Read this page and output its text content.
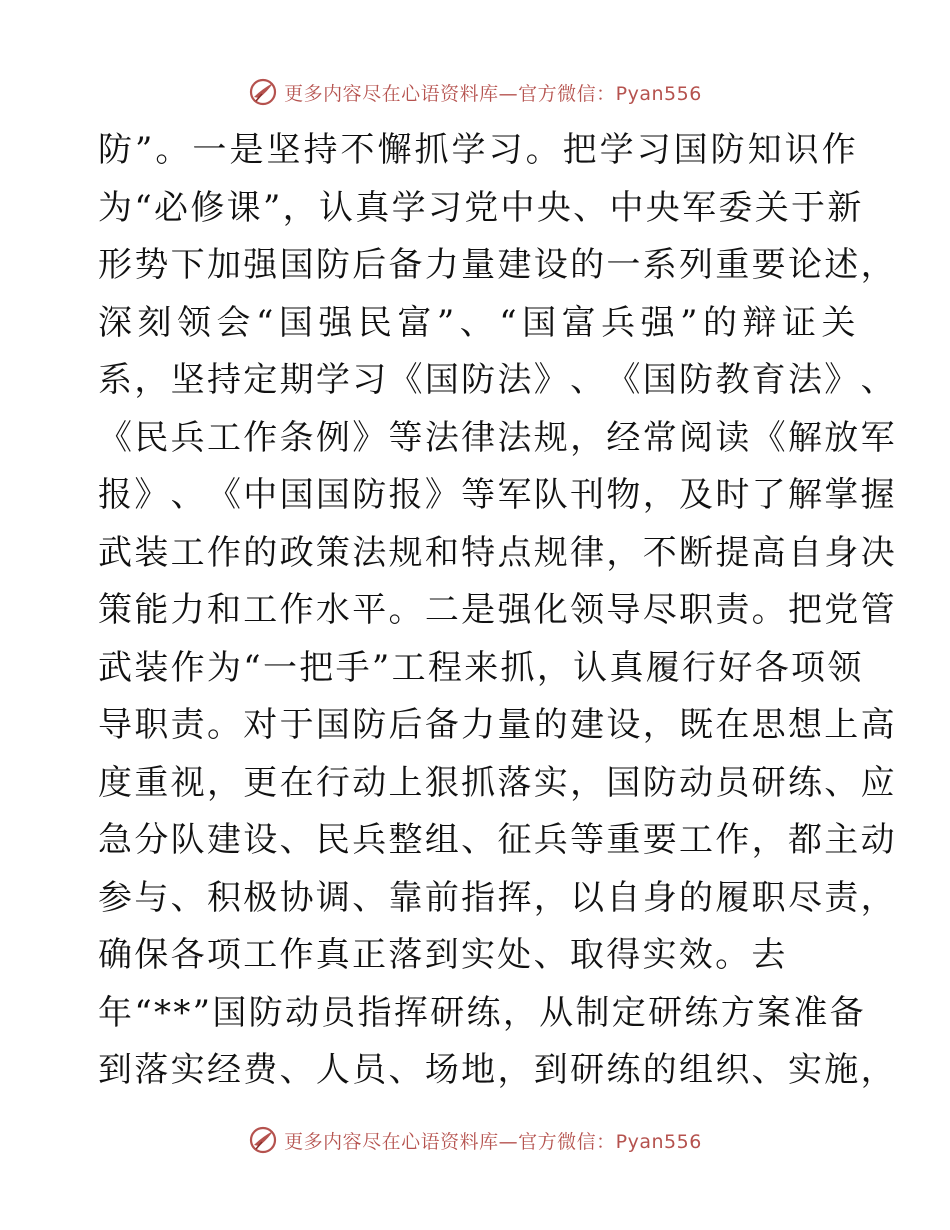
更多内容尽在心语资料库—官方微信：Pyan556
防 ” 。 一 是 坚 持 不 懈 抓 学 习 。 把 学 习 国 防 知 识 作
为 “ 必 修 课 ” ， 认 真 学 习 党 中 央 、 中 央 军 委 关 于 新
形 势 下 加 强 国 防 后 备 力 量 建 设 的 一 系 列 重 要 论 述 ，
深 刻 领 会 “ 国 强 民 富 ” 、 “ 国 富 兵 强 ” 的 辩 证 关
系 ， 坚 持 定 期 学 习 《 国 防 法 》 、 《 国 防 教 育 法 》 、
《 民 兵 工 作 条 例 》 等 法 律 法 规 ， 经 常 阅 读 《 解 放 军
报 》 、 《 中 国 国 防 报 》 等 军 队 刊 物 ， 及 时 了 解 掌 握
武 装 工 作 的 政 策 法 规 和 特 点 规 律 ， 不 断 提 高 自 身 决
策 能 力 和 工 作 水 平 。 二 是 强 化 领 导 尽 职 责 。 把 党 管
武 装 作 为 “ 一 把 手 ” 工 程 来 抓 ， 认 真 履 行 好 各 项 领
导 职 责 。 对 于 国 防 后 备 力 量 的 建 设 ， 既 在 思 想 上 高
度 重 视 ， 更 在 行 动 上 狠 抓 落 实 ， 国 防 动 员 研 练 、 应
急 分 队 建 设 、 民 兵 整 组 、 征 兵 等 重 要 工 作 ， 都 主 动
参 与 、 积 极 协 调 、 靠 前 指 挥 ， 以 自 身 的 履 职 尽 责 ，
确保各项工作真正落到实处、取得实效。去
年 “ * * ” 国 防 动 员 指 挥 研 练 ， 从 制 定 研 练 方 案 准 备
到 落 实 经 费 、 人 员 、 场 地 ， 到 研 练 的 组 织 、 实 施 ，
更多内容尽在心语资料库—官方微信：Pyan556
